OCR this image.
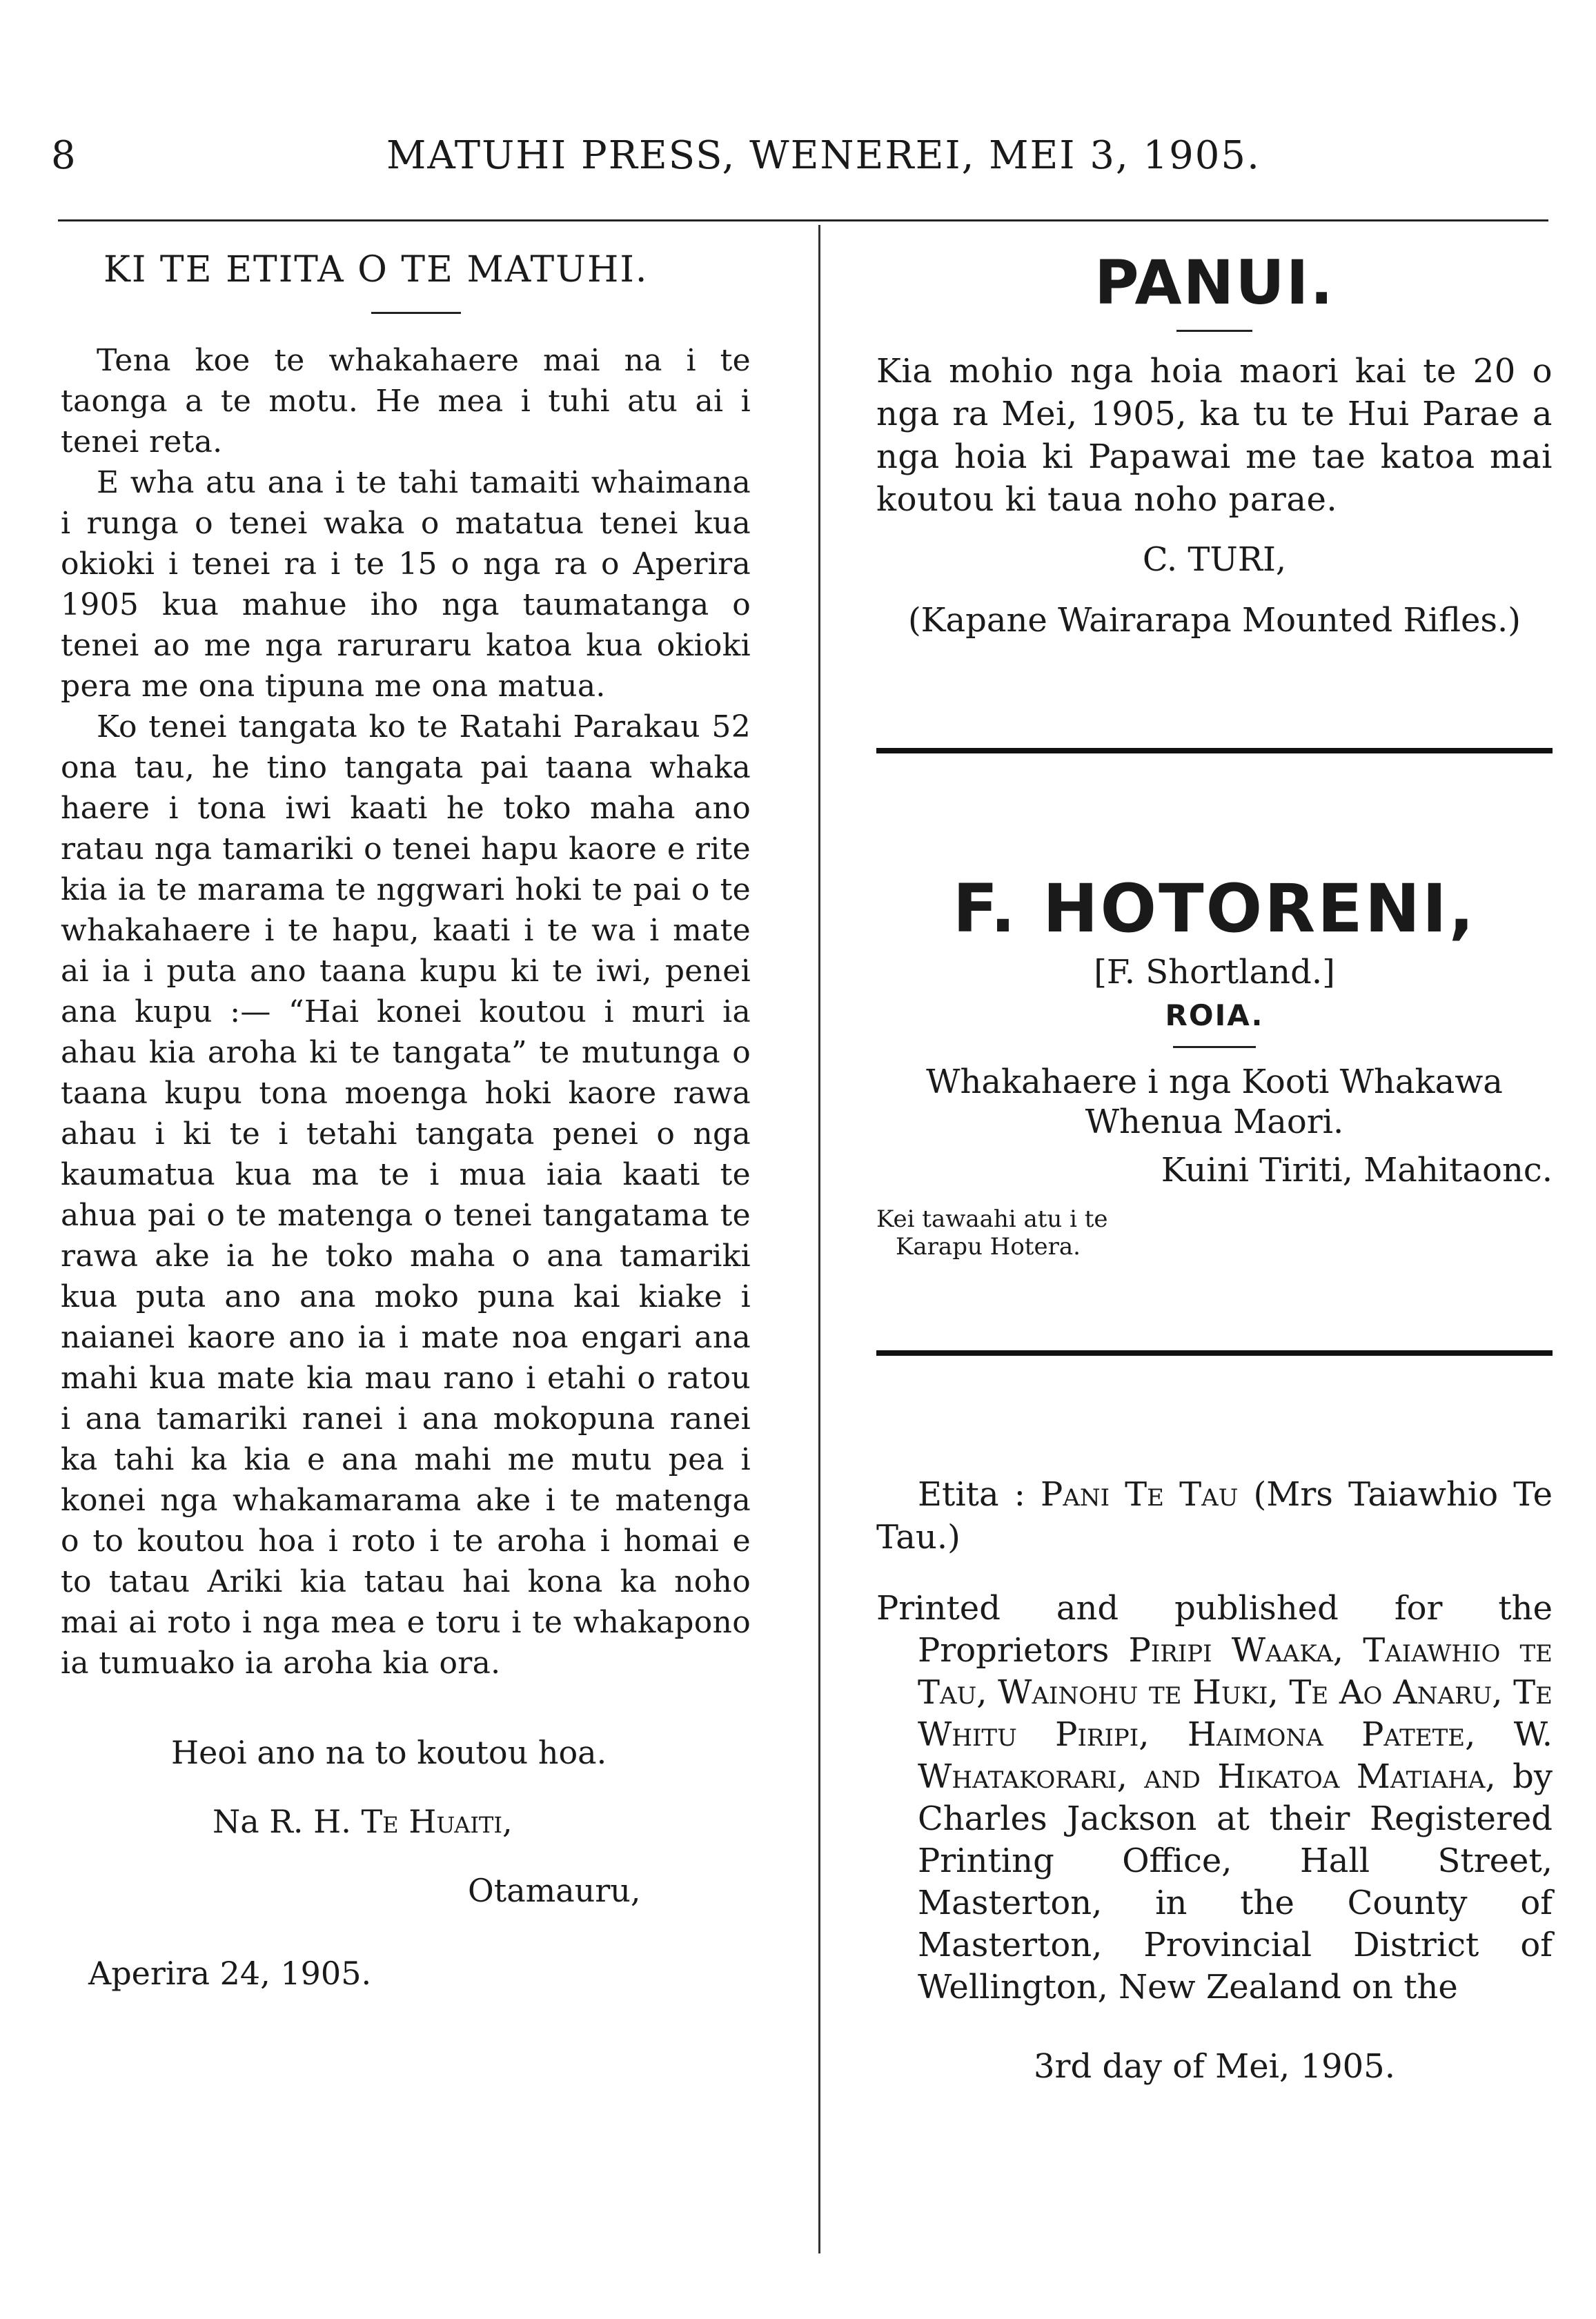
8	MATUHI PRESS, WENEREI, MEI 3, 1905.
KI TE ETITA O TE MATUHI.

Tena koe te whakahaere mai na i te taonga a te motu. He mea i tuhi atu ai i tenei reta.

E wha atu ana i te tahi tamaiti whaimana i runga o tenei waka o matatua tenei kua okioki i tenei ra i te 15 o nga ra o Aperira 1905 kua mahue iho nga taumatanga o tenei ao me nga raruraru katoa kua okioki pera me ona tipuna me ona matua.

Ko tenei tangata ko te Ratahi Parakau 52 ona tau, he tino tangata pai taana whaka haere i tona iwi kaati he toko maha ano ratau nga tamariki o tenei hapu kaore e rite kia ia te marama te nggwari hoki te pai o te whakahaere i te hapu, kaati i te wa i mate ai ia i puta ano taana kupu ki te iwi, penei ana kupu :— “Hai konei koutou i muri ia ahau kia aroha ki te tangata” te mutunga o taana kupu tona moenga hoki kaore rawa ahau i ki te i tetahi tangata penei o nga kaumatua kua ma te i mua iaia kaati te ahua pai o te matenga o tenei tangatama te rawa ake ia he toko maha o ana tamariki kua puta ano ana moko puna kai kiake i naianei kaore ano ia i mate noa engari ana mahi kua mate kia mau rano i etahi o ratou i ana tamariki ranei i ana mokopuna ranei ka tahi ka kia e ana mahi me mutu pea i konei nga whakamarama ake i te matenga o to koutou hoa i roto i te aroha i homai e to tatau Ariki kia tatau hai kona ka noho mai ai roto i nga mea e toru i te whakapono ia tumuako ia aroha kia ora.

Heoi ano na to koutou hoa.
Na R. H. Te Huaiti,
Otamauru,
Aperira 24, 1905.
PANUI.

Kia mohio nga hoia maori kai te 20 o nga ra Mei, 1905, ka tu te Hui Parae a nga hoia ki Papawai me tae katoa mai koutou ki taua noho parae.

C. TURI,
(Kapane Wairarapa Mounted Rifles.)
F. HOTORENI,
[F. Shortland.]
ROIA.

Whakahaere i nga Kooti Whakawa Whenua Maori.

Kuini Tiriti, Mahitaonc.
Kei tawaahi atu i te
Karapu Hotera.

Etita : Pani Te Tau (Mrs Taiawhio Te Tau.)

Printed and published for the Proprietors Piripi Waaka, Taiawhio te Tau, Wainohu te Huki, Te Ao Anaru, Te Whitu Piripi, Haimona Patete, W. Whatakorari, and Hikatoa Matiaha, by Charles Jackson at their Registered Printing Office, Hall Street, Masterton, in the County of Masterton, Provincial District of Wellington, New Zealand on the

3rd day of Mei, 1905.
